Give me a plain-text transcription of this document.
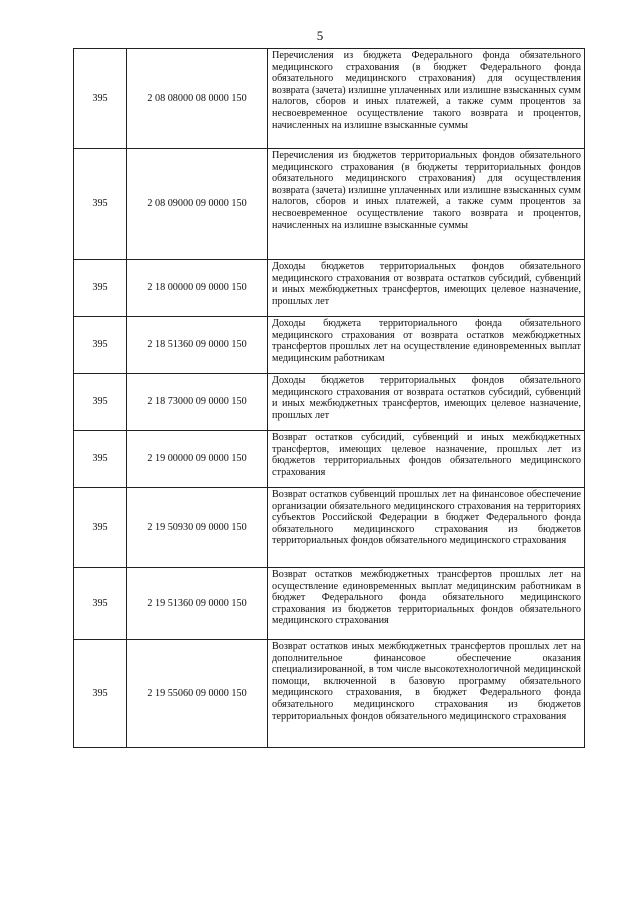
5
395	2 08 08000 08 0000 150	Перечисления из бюджета Федерального фонда обязательного медицинского страхования (в бюджет Федерального фонда обязательного медицинского страхования) для осуществления возврата (зачета) излишне уплаченных или излишне взысканных сумм налогов, сборов и иных платежей, а также сумм процентов за несвоевременное осуществление такого возврата и процентов, начисленных на излишне взысканные суммы
395	2 08 09000 09 0000 150	Перечисления из бюджетов территориальных фондов обязательного медицинского страхования (в бюджеты территориальных фондов обязательного медицинского страхования) для осуществления возврата (зачета) излишне уплаченных или излишне взысканных сумм налогов, сборов и иных платежей, а также сумм процентов за несвоевременное осуществление такого возврата и процентов, начисленных на излишне взысканные суммы
395	2 18 00000 09 0000 150	Доходы бюджетов территориальных фондов обязательного медицинского страхования от возврата остатков субсидий, субвенций и иных межбюджетных трансфертов, имеющих целевое назначение, прошлых лет
395	2 18 51360 09 0000 150	Доходы бюджета территориального фонда обязательного медицинского страхования от возврата остатков межбюджетных трансфертов прошлых лет на осуществление единовременных выплат медицинским работникам
395	2 18 73000 09 0000 150	Доходы бюджетов территориальных фондов обязательного медицинского страхования от возврата остатков субсидий, субвенций и иных межбюджетных трансфертов, имеющих целевое назначение, прошлых лет
395	2 19 00000 09 0000 150	Возврат остатков субсидий, субвенций и иных межбюджетных трансфертов, имеющих целевое назначение, прошлых лет из бюджетов территориальных фондов обязательного медицинского страхования
395	2 19 50930 09 0000 150	Возврат остатков субвенций прошлых лет на финансовое обеспечение организации обязательного медицинского страхования на территориях субъектов Российской Федерации в бюджет Федерального фонда обязательного медицинского страхования из бюджетов территориальных фондов обязательного медицинского страхования
395	2 19 51360 09 0000 150	Возврат остатков межбюджетных трансфертов прошлых лет на осуществление единовременных выплат медицинским работникам в бюджет Федерального фонда обязательного медицинского страхования из бюджетов территориальных фондов обязательного медицинского страхования
395	2 19 55060 09 0000 150	Возврат остатков иных межбюджетных трансфертов прошлых лет на дополнительное финансовое обеспечение оказания специализированной, в том числе высокотехнологичной медицинской помощи, включенной в базовую программу обязательного медицинского страхования, в бюджет Федерального фонда обязательного медицинского страхования из бюджетов территориальных фондов обязательного медицинского страхования
